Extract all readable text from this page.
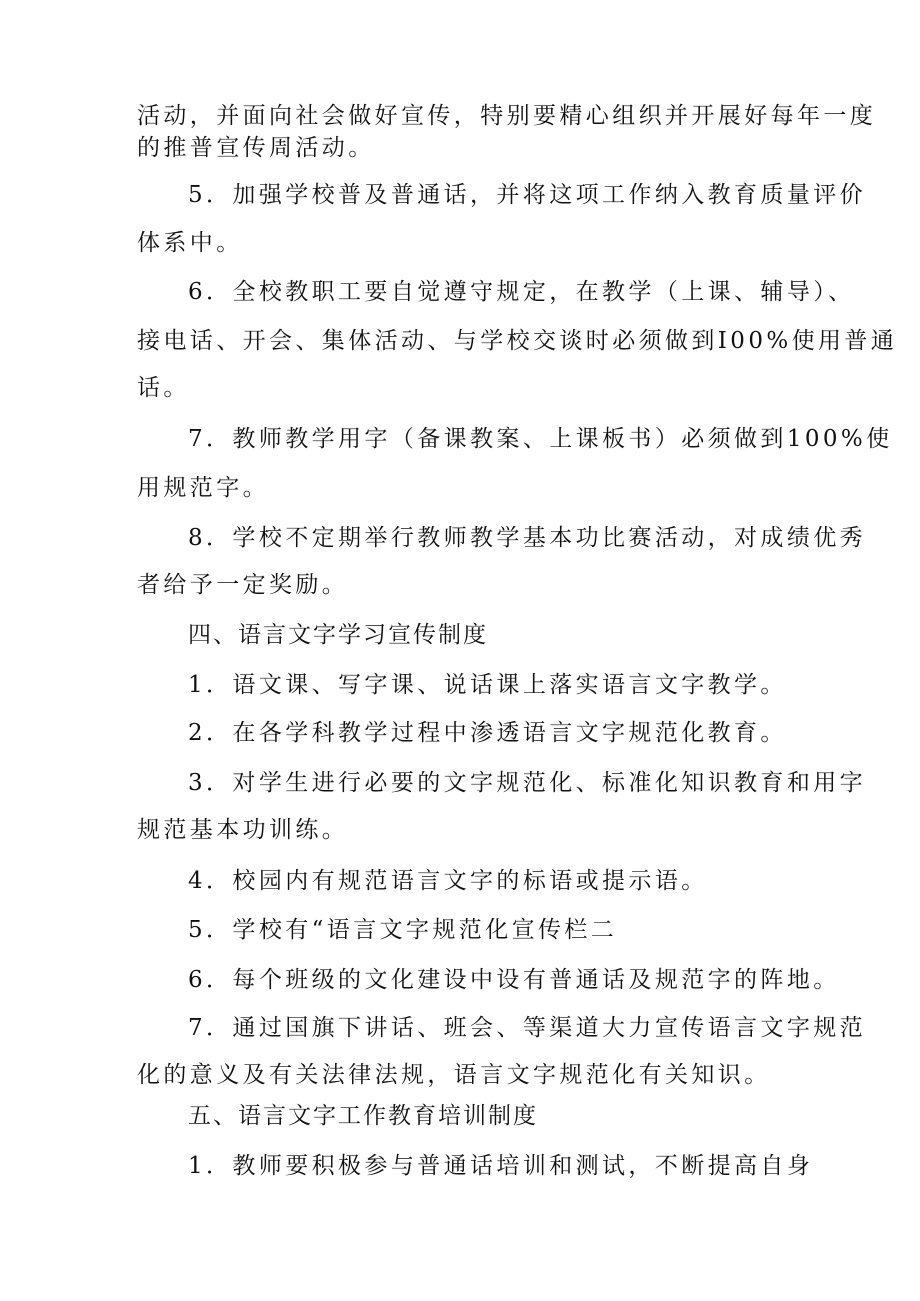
活动，并面向社会做好宣传，特别要精心组织并开展好每年一度
的推普宣传周活动。
5．加强学校普及普通话，并将这项工作纳入教育质量评价
体系中。
6．全校教职工要自觉遵守规定，在教学（上课、辅导）、
接电话、开会、集体活动、与学校交谈时必须做到I00%使用普通
话。
7．教师教学用字（备课教案、上课板书）必须做到100%使
用规范字。
8．学校不定期举行教师教学基本功比赛活动，对成绩优秀
者给予一定奖励。
四、语言文字学习宣传制度
1．语文课、写字课、说话课上落实语言文字教学。
2．在各学科教学过程中渗透语言文字规范化教育。
3．对学生进行必要的文字规范化、标准化知识教育和用字
规范基本功训练。
4．校园内有规范语言文字的标语或提示语。
5．学校有“语言文字规范化宣传栏二
6．每个班级的文化建设中设有普通话及规范字的阵地。
7．通过国旗下讲话、班会、等渠道大力宣传语言文字规范
化的意义及有关法律法规，语言文字规范化有关知识。
五、语言文字工作教育培训制度
1．教师要积极参与普通话培训和测试，不断提高自身
